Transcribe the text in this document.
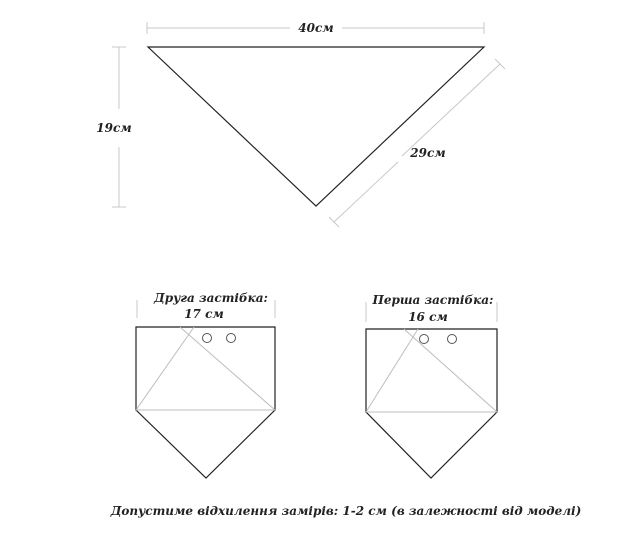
40см
19см
29см
Друга застібка:
17 см
Перша застібка:
16 см
Допустиме відхилення замірів: 1-2 см (в залежності від моделі)
